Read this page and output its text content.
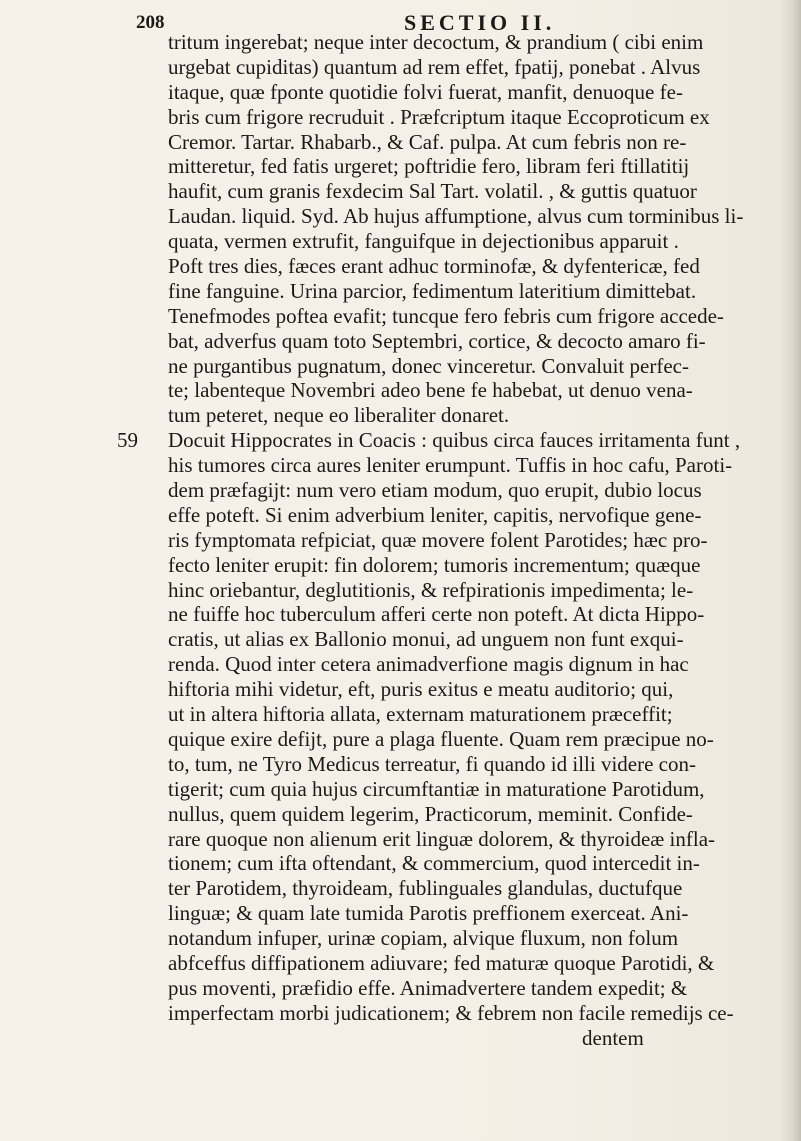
208	SECTIO II.
tritum ingerebat; neque inter decoctum, & prandium ( cibi enim
urgebat cupiditas) quantum ad rem effet, fpatij, ponebat . Alvus
itaque, quæ fponte quotidie folvi fuerat, manfit, denuoque fe-
bris cum frigore recruduit . Præfcriptum itaque Eccoproticum ex
Cremor. Tartar. Rhabarb., & Caf. pulpa. At cum febris non re-
mitteretur, fed fatis urgeret; poftridie fero, libram feri ftillatitij
haufit, cum granis fexdecim Sal Tart. volatil. , & guttis quatuor
Laudan. liquid. Syd. Ab hujus affumptione, alvus cum torminibus li-
quata, vermen extrufit, fanguifque in dejectionibus apparuit .
Poft tres dies, fæces erant adhuc torminofæ, & dyfentericæ, fed
fine fanguine. Urina parcior, fedimentum lateritium dimittebat.
Tenefmodes poftea evafit; tuncque fero febris cum frigore accede-
bat, adverfus quam toto Septembri, cortice, & decocto amaro fi-
ne purgantibus pugnatum, donec vinceretur. Convaluit perfec-
te; labenteque Novembri adeo bene fe habebat, ut denuo vena-
tum peteret, neque eo liberaliter donaret.
59 Docuit Hippocrates in Coacis : quibus circa fauces irritamenta funt ,
his tumores circa aures leniter erumpunt. Tuffis in hoc cafu, Paroti-
dem præfagijt: num vero etiam modum, quo erupit, dubio locus
effe poteft. Si enim adverbium leniter, capitis, nervofique gene-
ris fymptomata refpiciat, quæ movere folent Parotides; hæc pro-
fecto leniter erupit: fin dolorem; tumoris incrementum; quæque
hinc oriebantur, deglutitionis, & refpirationis impedimenta; le-
ne fuiffe hoc tuberculum afferi certe non poteft. At dicta Hippo-
cratis, ut alias ex Ballonio monui, ad unguem non funt exqui-
renda. Quod inter cetera animadverfione magis dignum in hac
hiftoria mihi videtur, eft, puris exitus e meatu auditorio; qui,
ut in altera hiftoria allata, externam maturationem præceffit;
quique exire defijt, pure a plaga fluente. Quam rem præcipue no-
to, tum, ne Tyro Medicus terreatur, fi quando id illi videre con-
tigerit; cum quia hujus circumftantiæ in maturatione Parotidum,
nullus, quem quidem legerim, Practicorum, meminit. Confide-
rare quoque non alienum erit linguæ dolorem, & thyroideæ infla-
tionem; cum ifta oftendant, & commercium, quod intercedit in-
ter Parotidem, thyroideam, fublinguales glandulas, ductufque
linguæ; & quam late tumida Parotis preffionem exerceat. Ani-
notandum infuper, urinæ copiam, alvique fluxum, non folum
abfceffus diffipationem adiuvare; fed maturæ quoque Parotidi, &
pus moventi, præfidio effe. Animadvertere tandem expedit; &
imperfectam morbi judicationem; & febrem non facile remedijs ce-
dentem
